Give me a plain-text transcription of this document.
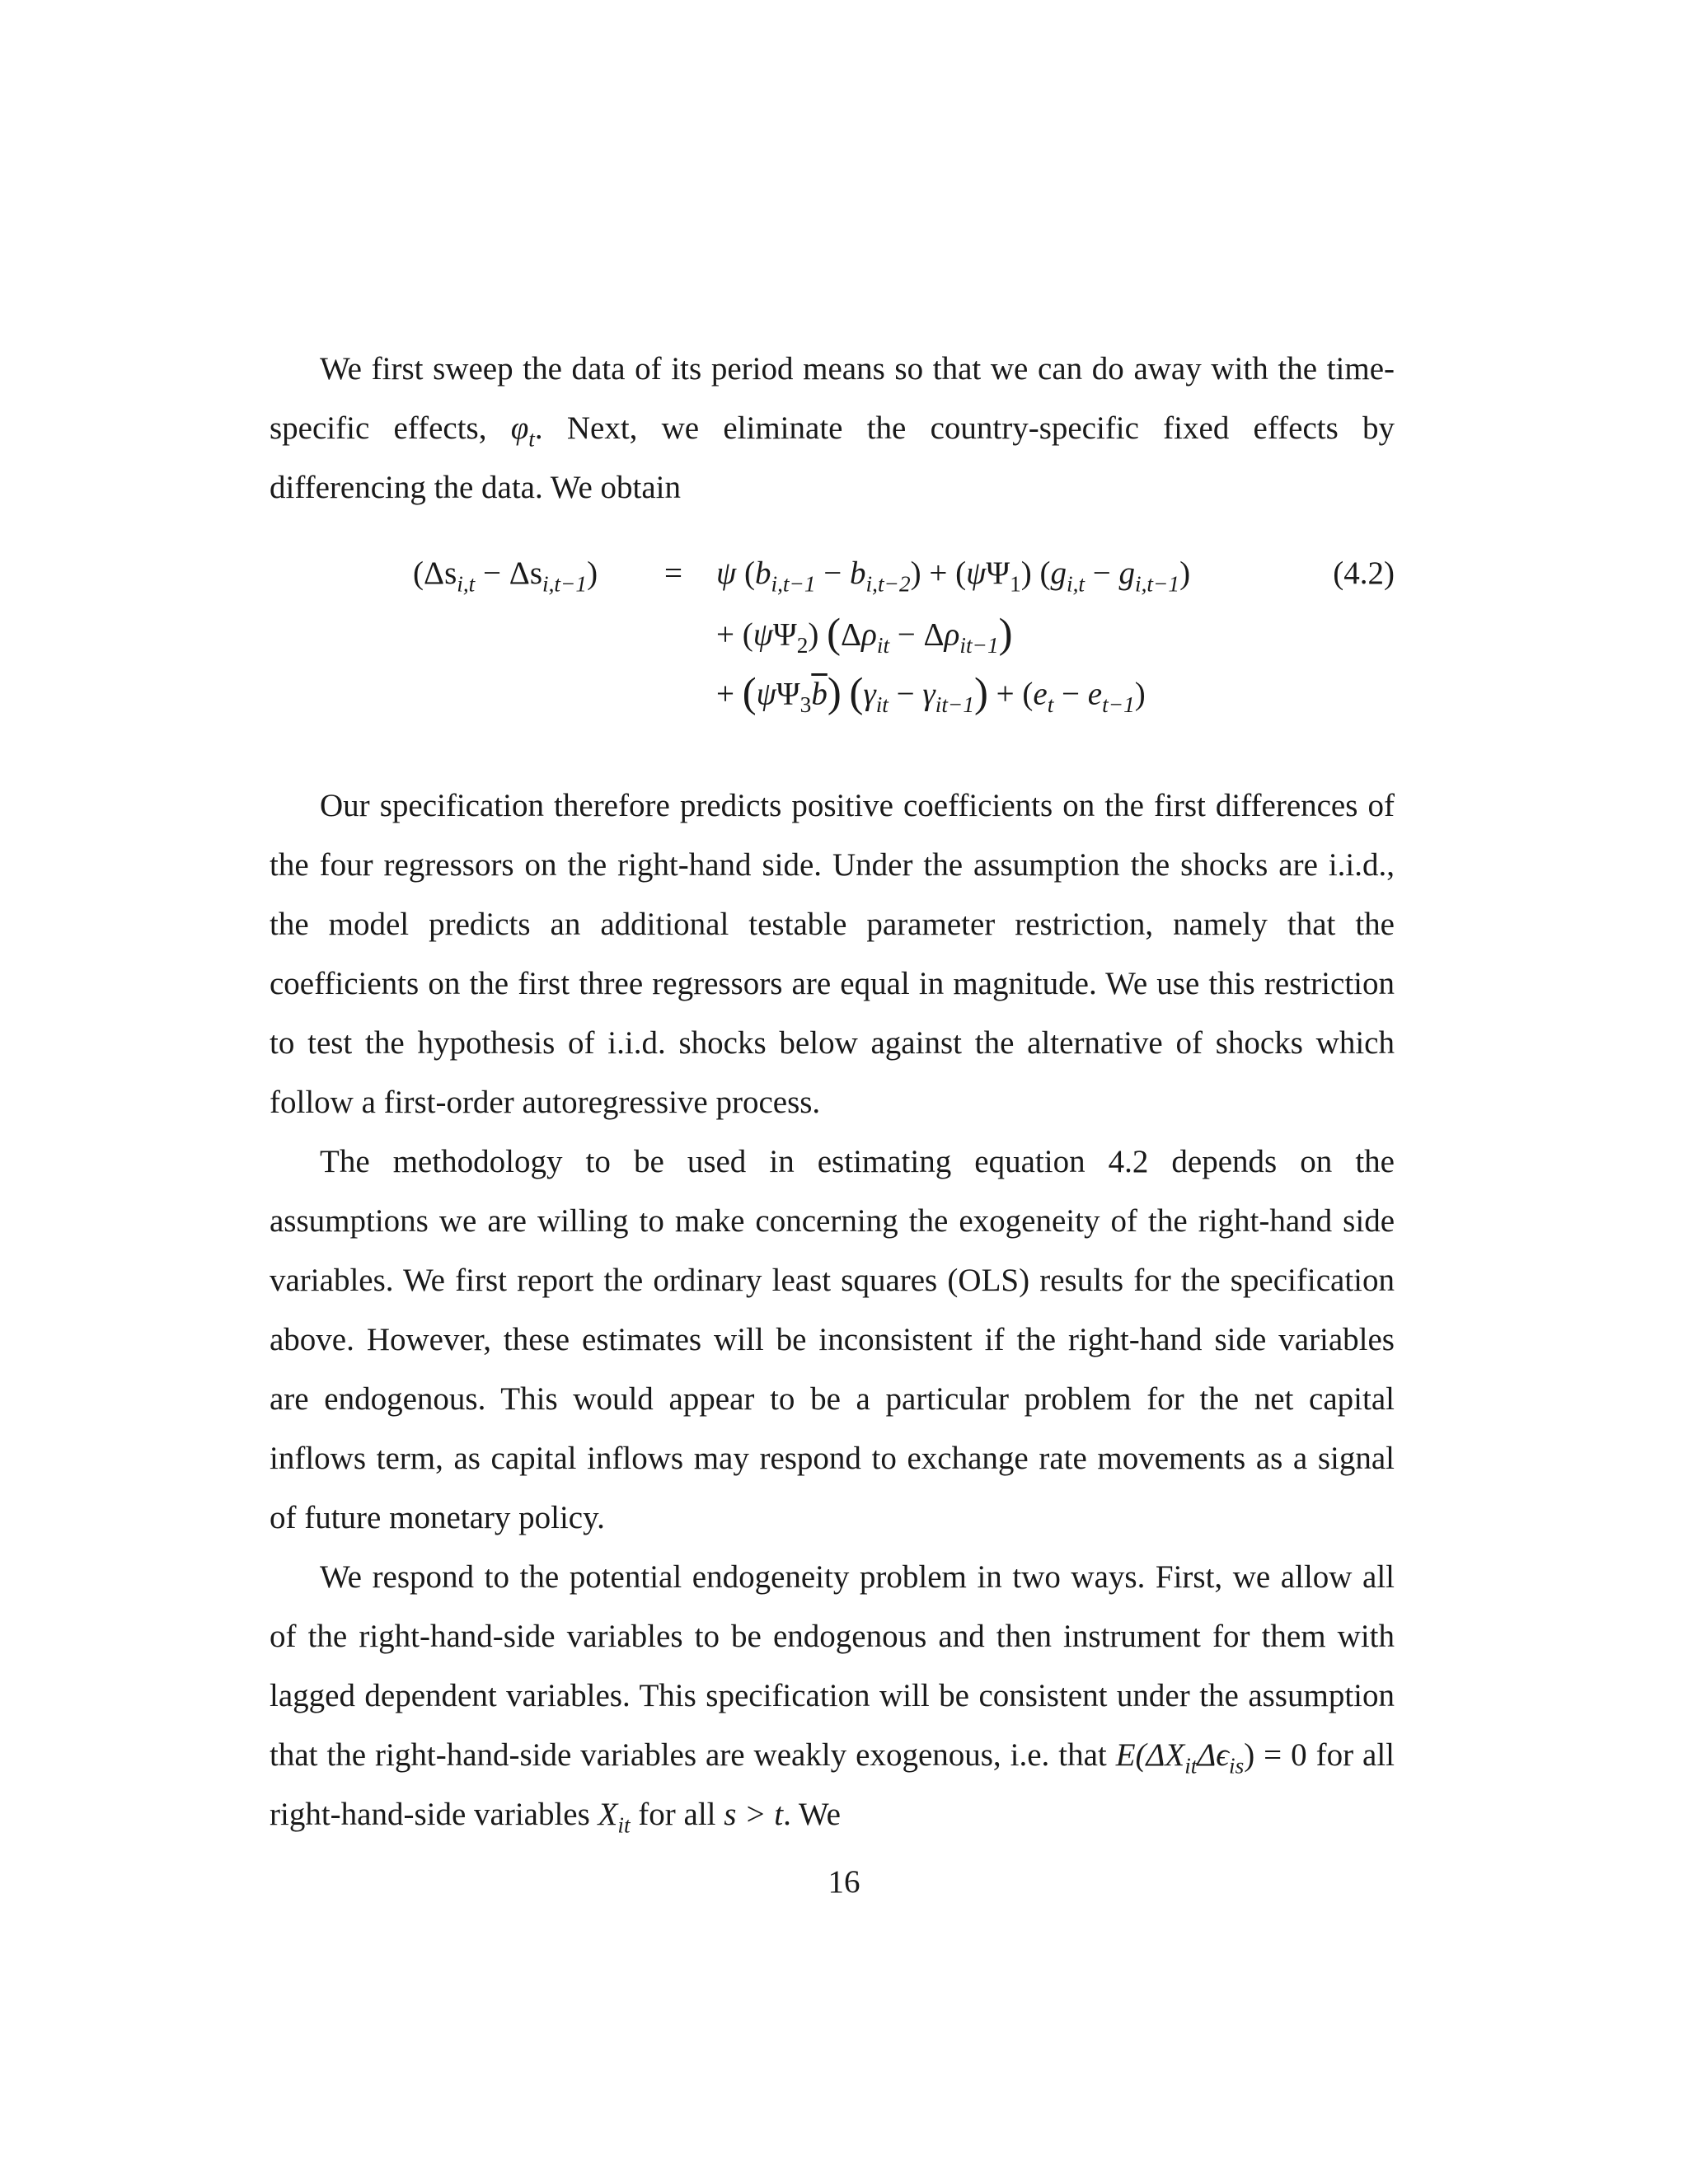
We first sweep the data of its period means so that we can do away with the time-specific effects, $\varphi_t$. Next, we eliminate the country-specific fixed effects by differencing the data. We obtain

$(\Delta s_{i,t} - \Delta s_{i,t-1}) = \psi$ $(b_{i,t-1} - b_{i,t-2}) + (\psi\Psi_1) (g_{i,t} - g_{i,t-1})$
+ $(\psi\Psi_2) (\Delta\rho_{it} - \Delta\rho_{it-1})$
+ $(\psi\Psi_3\overline{b}) (\gamma_{it} - \gamma_{it-1}) + (e_t - e_{t-1})$
(4.2)

Our specification therefore predicts positive coefficients on the first differences of the four regressors on the right-hand side. Under the assumption the shocks are i.i.d., the model predicts an additional testable parameter restriction, namely that the coefficients on the first three regressors are equal in magnitude. We use this restriction to test the hypothesis of i.i.d. shocks below against the alternative of shocks which follow a first-order autoregressive process.

The methodology to be used in estimating equation 4.2 depends on the assumptions we are willing to make concerning the exogeneity of the right-hand side variables. We first report the ordinary least squares (OLS) results for the specification above. However, these estimates will be inconsistent if the right-hand side variables are endogenous. This would appear to be a particular problem for the net capital inflows term, as capital inflows may respond to exchange rate movements as a signal of future monetary policy.

We respond to the potential endogeneity problem in two ways. First, we allow all of the right-hand-side variables to be endogenous and then instrument for them with lagged dependent variables. This specification will be consistent under the assumption that the right-hand-side variables are weakly exogenous, i.e. that $E(\Delta X_{it}\Delta\epsilon_{is}) = 0$ for all right-hand-side variables $X_{it}$ for all s > t. We

16
